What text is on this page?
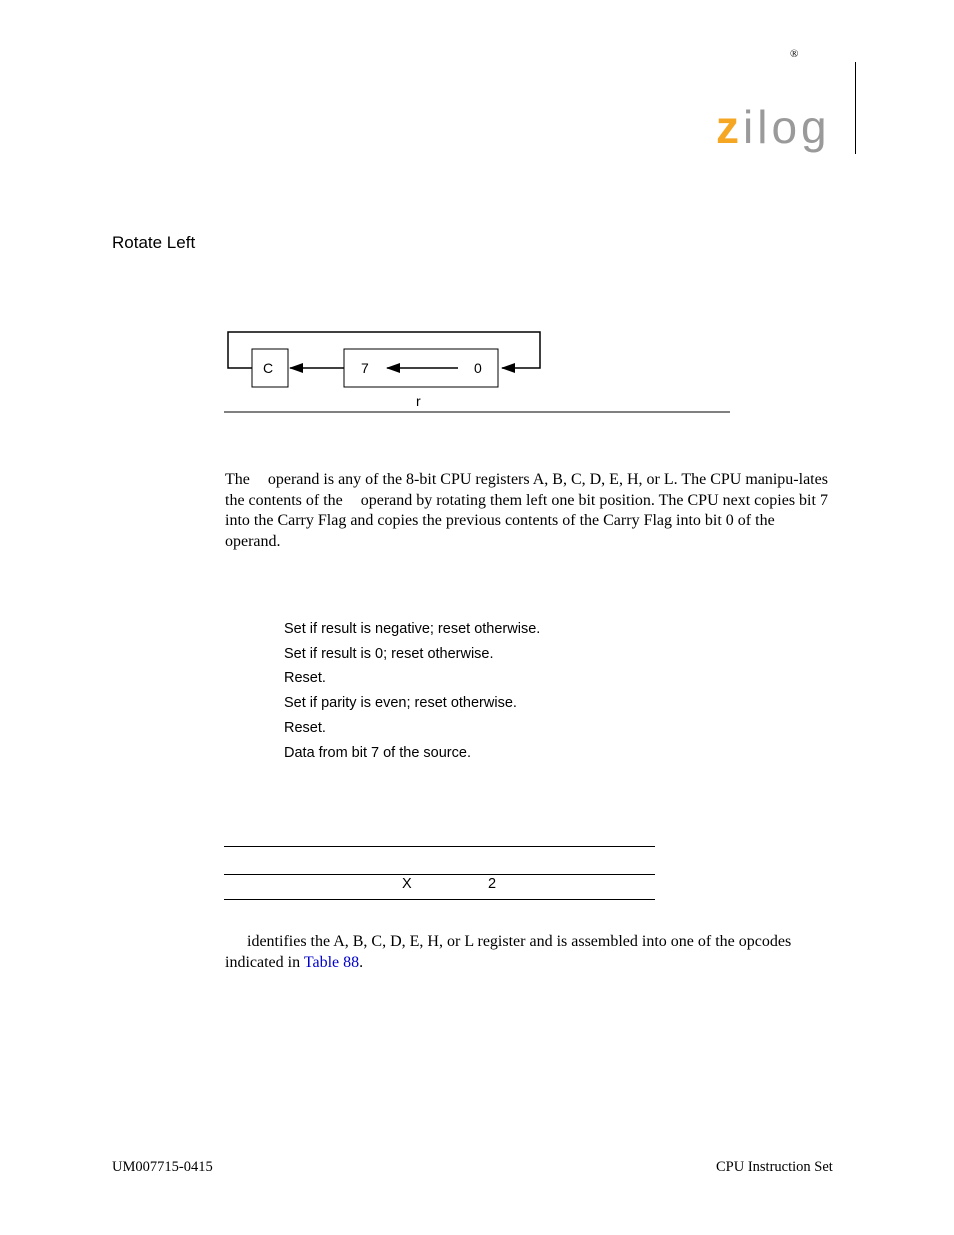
®
zilog
Rotate Left
C	7	0
r
The operand is any of the 8-bit CPU registers A, B, C, D, E, H, or L. The CPU manipu-lates the contents of the operand by rotating them left one bit position. The CPU next copies bit 7 into the Carry Flag and copies the previous contents of the Carry Flag into bit 0 of theoperand.
Set if result is negative; reset otherwise.
Set if result is 0; reset otherwise.
Reset.
Set if parity is even; reset otherwise.
Reset.
Data from bit 7 of the source.
X	2
identifies the A, B, C, D, E, H, or L register and is assembled into one of the opcodes indicated in Table 88.
UM007715-0415	CPU Instruction Set
